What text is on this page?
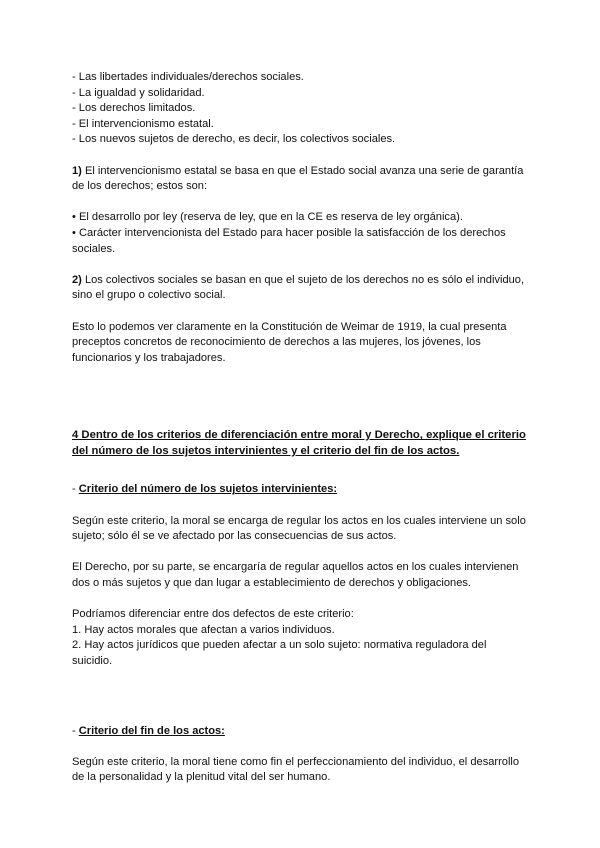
- Las libertades individuales/derechos sociales.

- La igualdad y solidaridad.

- Los derechos limitados.

- El intervencionismo estatal.

- Los nuevos sujetos de derecho, es decir, los colectivos sociales.

1) El intervencionismo estatal se basa en que el Estado social avanza una serie de garantía

de los derechos; estos son:

• El desarrollo por ley (reserva de ley, que en la CE es reserva de ley orgánica).

• Carácter intervencionista del Estado para hacer posible la satisfacción de los derechos

sociales.

2) Los colectivos sociales se basan en que el sujeto de los derechos no es sólo el individuo,

sino el grupo o colectivo social.

Esto lo podemos ver claramente en la Constitución de Weimar de 1919, la cual presenta

preceptos concretos de reconocimiento de derechos a las mujeres, los jóvenes, los

funcionarios y los trabajadores.

4 Dentro de los criterios de diferenciación entre moral y Derecho, explique el criterio

del número de los sujetos intervinientes y el criterio del fin de los actos.

- Criterio del número de los sujetos intervinientes:

Según este criterio, la moral se encarga de regular los actos en los cuales interviene un solo

sujeto; sólo él se ve afectado por las consecuencias de sus actos.

El Derecho, por su parte, se encargaría de regular aquellos actos en los cuales intervienen

dos o más sujetos y que dan lugar a establecimiento de derechos y obligaciones.

Podríamos diferenciar entre dos defectos de este criterio:

1. Hay actos morales que afectan a varios individuos.

2. Hay actos jurídicos que pueden afectar a un solo sujeto: normativa reguladora del

suicidio.

- Criterio del fin de los actos:

Según este criterio, la moral tiene como fin el perfeccionamiento del individuo, el desarrollo

de la personalidad y la plenitud vital del ser humano.
